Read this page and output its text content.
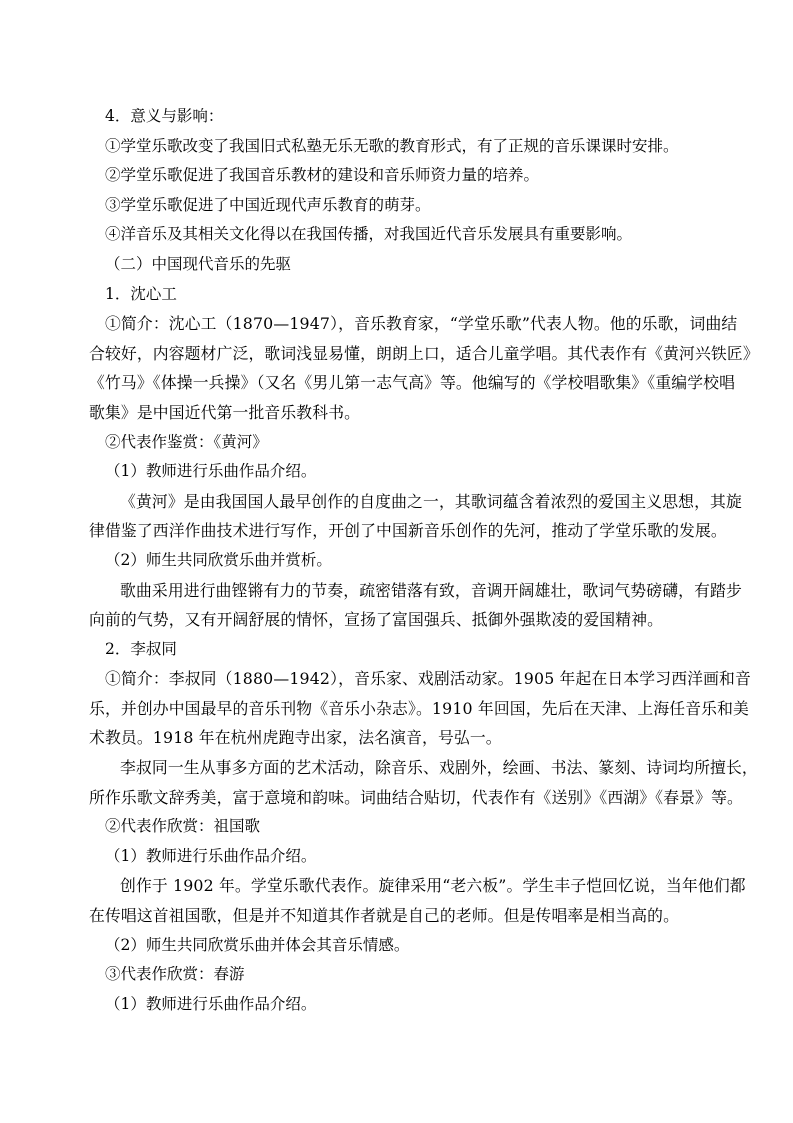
4．意义与影响：

①学堂乐歌改变了我国旧式私塾无乐无歌的教育形式，有了正规的音乐课课时安排。

②学堂乐歌促进了我国音乐教材的建设和音乐师资力量的培养。

③学堂乐歌促进了中国近现代声乐教育的萌芽。

④洋音乐及其相关文化得以在我国传播，对我国近代音乐发展具有重要影响。

（二）中国现代音乐的先驱

1．沈心工

①简介：沈心工（1870—1947），音乐教育家，“学堂乐歌”代表人物。他的乐歌，词曲结

合较好，内容题材广泛，歌词浅显易懂，朗朗上口，适合儿童学唱。其代表作有《黄河兴铁匠》

《竹马》《体操一兵操》（又名《男儿第一志气高》等。他编写的《学校唱歌集》《重编学校唱

歌集》是中国近代第一批音乐教科书。

②代表作鉴赏：《黄河》

（1）教师进行乐曲作品介绍。

《黄河》是由我国国人最早创作的自度曲之一，其歌词蕴含着浓烈的爱国主义思想，其旋

律借鉴了西洋作曲技术进行写作，开创了中国新音乐创作的先河，推动了学堂乐歌的发展。

（2）师生共同欣赏乐曲并赏析。

歌曲采用进行曲铿锵有力的节奏，疏密错落有致，音调开阔雄壮，歌词气势磅礴，有踏步

向前的气势，又有开阔舒展的情怀，宣扬了富国强兵、抵御外强欺凌的爱国精神。

2．李叔同

①简介：李叔同（1880—1942），音乐家、戏剧活动家。1905 年起在日本学习西洋画和音

乐，并创办中国最早的音乐刊物《音乐小杂志》。1910 年回国，先后在天津、上海任音乐和美

术教员。1918 年在杭州虎跑寺出家，法名演音，号弘一。

李叔同一生从事多方面的艺术活动，除音乐、戏剧外，绘画、书法、篆刻、诗词均所擅长，

所作乐歌文辞秀美，富于意境和韵味。词曲结合贴切，代表作有《送别》《西湖》《春景》等。

②代表作欣赏：祖国歌

（1）教师进行乐曲作品介绍。

创作于 1902 年。学堂乐歌代表作。旋律采用“老六板”。学生丰子恺回忆说，当年他们都

在传唱这首祖国歌，但是并不知道其作者就是自己的老师。但是传唱率是相当高的。

（2）师生共同欣赏乐曲并体会其音乐情感。

③代表作欣赏：春游

（1）教师进行乐曲作品介绍。
